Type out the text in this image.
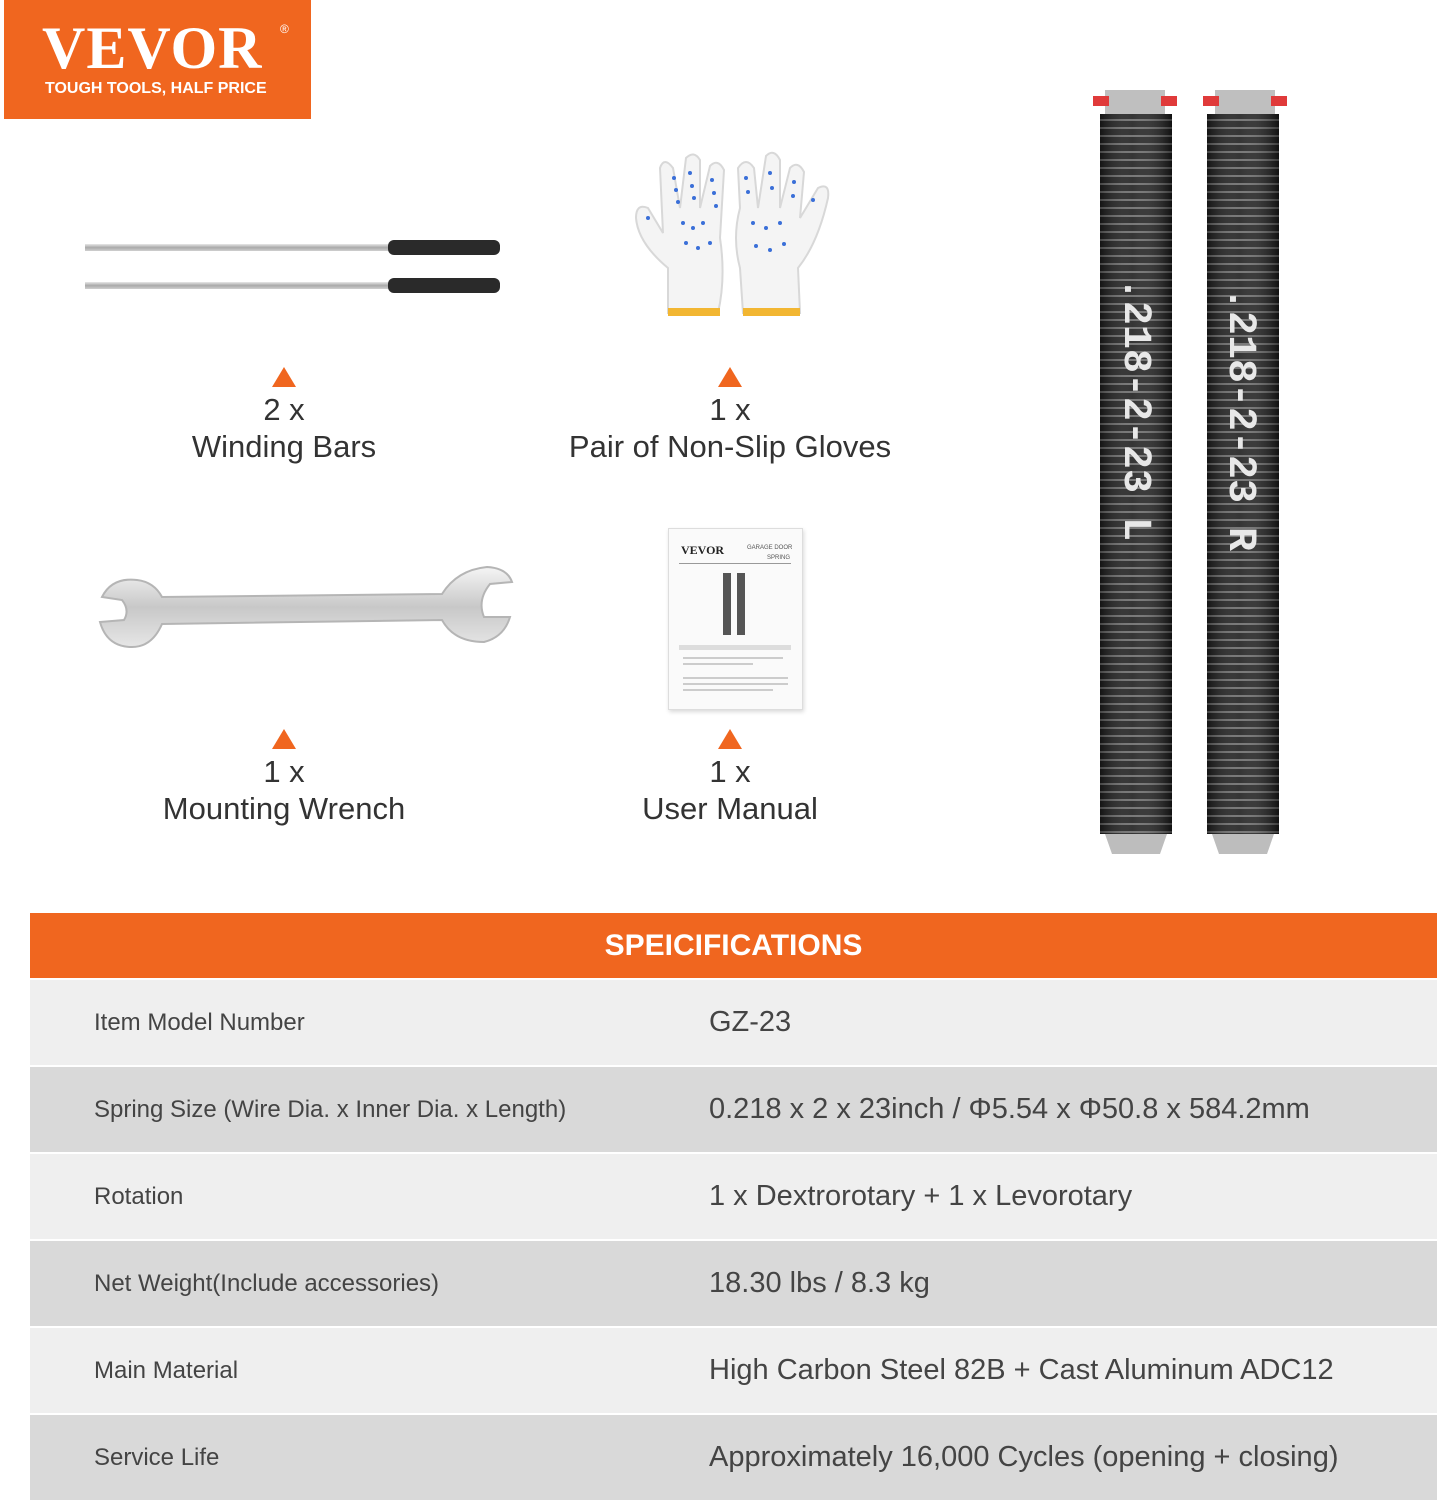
VEVOR ®
TOUGH TOOLS, HALF PRICE
VEVOR	GARAGE DOOR
SPRING
2 x
Winding Bars
1 x
Pair of Non-Slip Gloves
1 x
Mounting Wrench
1 x
User Manual
.218-2-23 L .218-2-23 R
SPEICIFICATIONS
Item Model Number	GZ-23
Spring Size (Wire Dia. x Inner Dia. x Length)	0.218 x 2 x 23inch / Φ5.54 x Φ50.8 x 584.2mm
Rotation	1 x Dextrorotary + 1 x Levorotary
Net Weight(Include accessories)	18.30 lbs / 8.3 kg
Main Material	High Carbon Steel 82B + Cast Aluminum ADC12
Service Life	Approximately 16,000 Cycles (opening + closing)
